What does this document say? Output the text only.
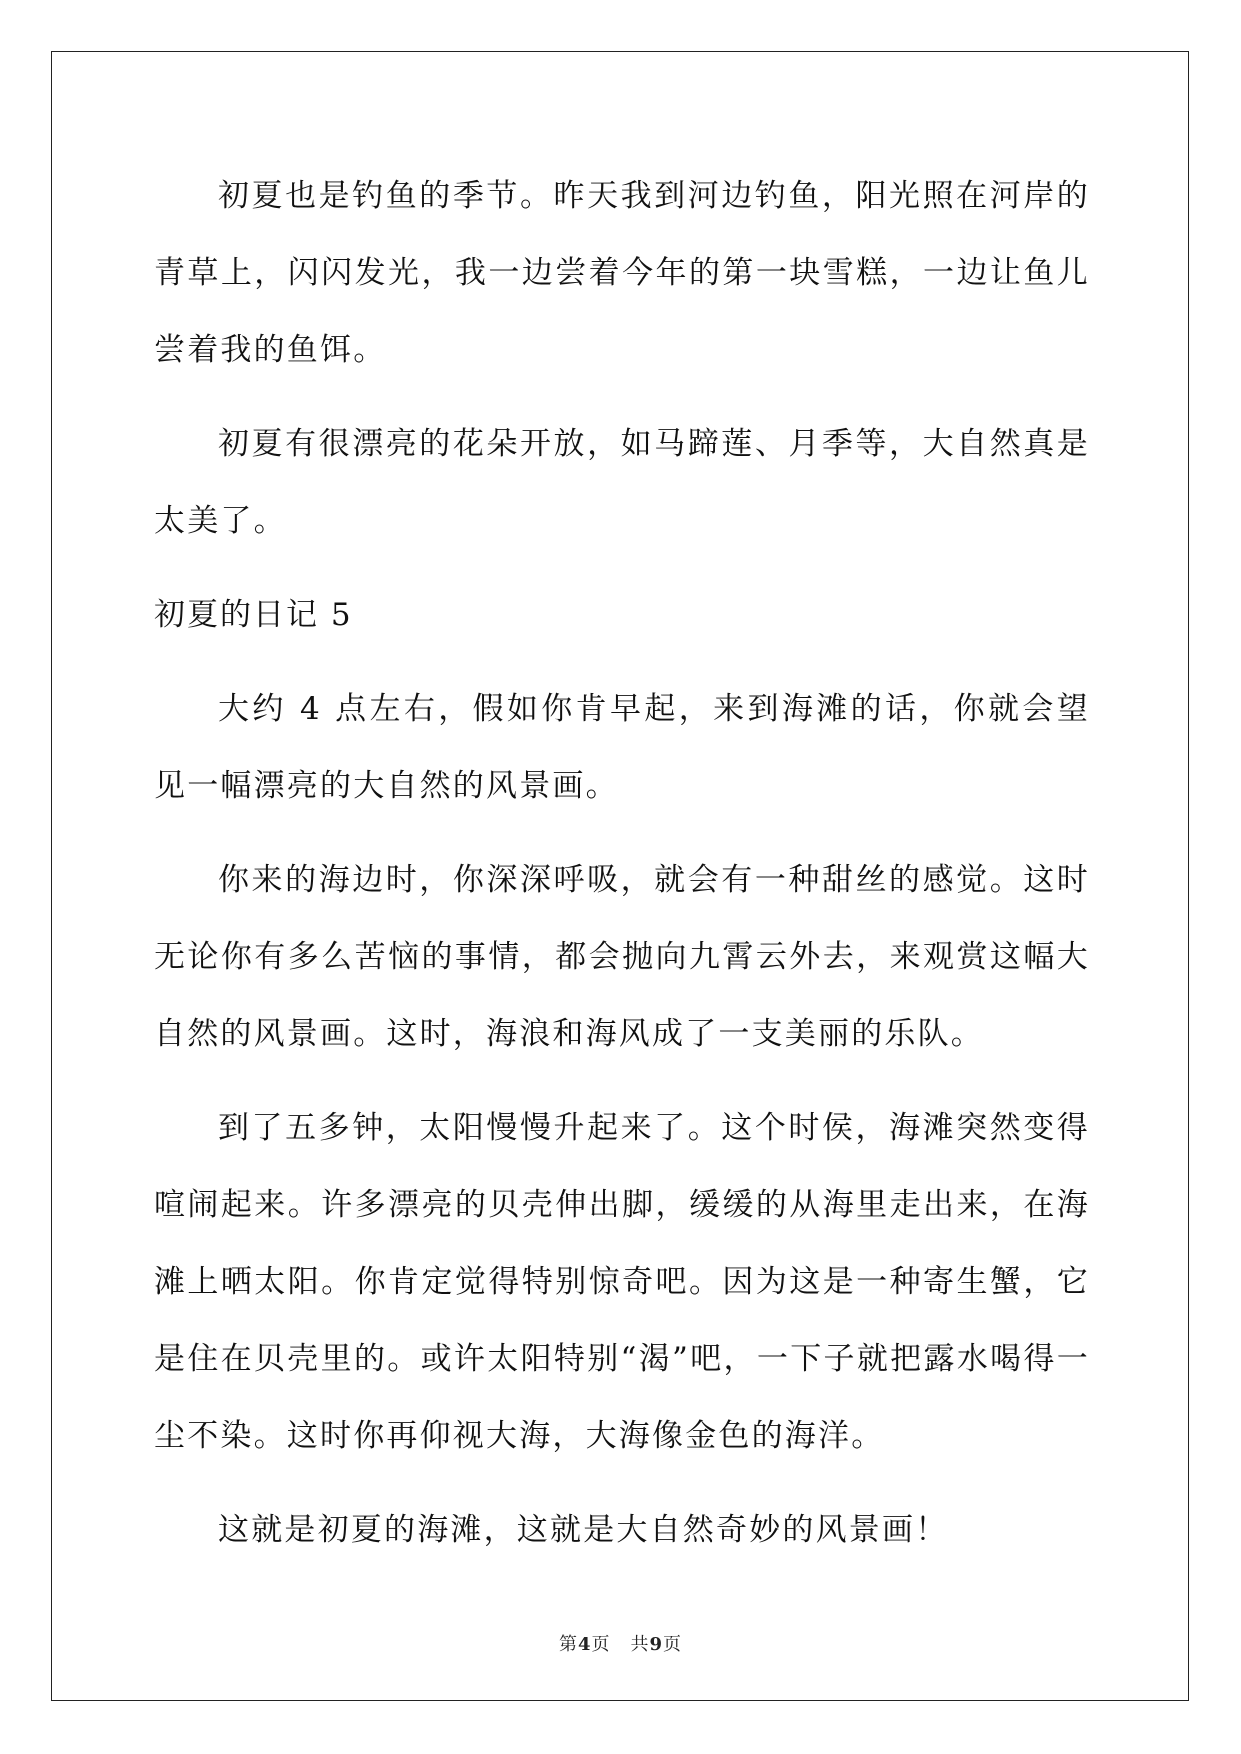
初夏也是钓鱼的季节。昨天我到河边钓鱼，阳光照在河岸的青草上，闪闪发光，我一边尝着今年的第一块雪糕，一边让鱼儿尝着我的鱼饵。

初夏有很漂亮的花朵开放，如马蹄莲、月季等，大自然真是太美了。

初夏的日记 5

大约 4 点左右，假如你肯早起，来到海滩的话，你就会望见一幅漂亮的大自然的风景画。

你来的海边时，你深深呼吸，就会有一种甜丝的感觉。这时无论你有多么苦恼的事情，都会抛向九霄云外去，来观赏这幅大自然的风景画。这时，海浪和海风成了一支美丽的乐队。

到了五多钟，太阳慢慢升起来了。这个时侯，海滩突然变得喧闹起来。许多漂亮的贝壳伸出脚，缓缓的从海里走出来，在海滩上晒太阳。你肯定觉得特别惊奇吧。因为这是一种寄生蟹，它是住在贝壳里的。或许太阳特别“渴”吧，一下子就把露水喝得一尘不染。这时你再仰视大海，大海像金色的海洋。

这就是初夏的海滩，这就是大自然奇妙的风景画！

第4页 共9页
